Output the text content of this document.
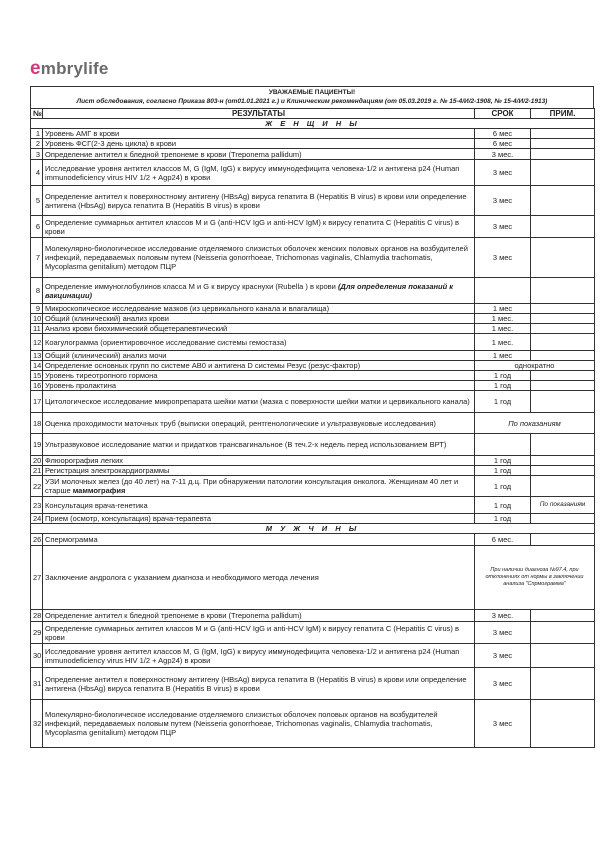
embrylife
УВАЖАЕМЫЕ ПАЦИЕНТЫ!
Лист обследования, согласно Приказа 803-н (от01.01.2021 г.) и Клиническим рекомендациям (от 05.03.2019 г. № 15-4/И/2-1908, № 15-4/И/2-1913)
№	РЕЗУЛЬТАТЫ	СРОК	ПРИМ.
Ж Е Н Щ И Н Ы			
1	Уровень АМГ в крови	6 мес	
2	Уровень ФСГ(2-3 день цикла) в крови	6 мес	
3	Определение антител к бледной трепонеме в крови (Treponema pallidum)	3 мес.	
4	Исследование уровня антител классов M, G (IgM, IgG) к вирусу иммунодефицита человека-1/2 и антигена p24 (Human immunodeficiency virus HIV 1/2 + Agp24) в крови	3 мес	
5	Определение антител к поверхностному антигену (HBsAg) вируса гепатита B (Hepatitis B virus) в крови или определение антигена (HbsAg) вируса гепатита B (Hepatitis B virus) в крови	3 мес	
6	Определение суммарных антител классов M и G (anti-HCV IgG и anti-HCV IgM) к вирусу гепатита C (Hepatitis C virus) в крови	3 мес	
7	Молекулярно-биологическое исследование отделяемого слизистых оболочек женских половых органов на возбудителей инфекций, передаваемых половым путем (Neisseria gonorrhoeae, Trichomonas vaginalis, Chlamydia trachomatis, Mycoplasma genitalium) методом ПЦР	3 мес	
8	Определение иммуноглобулинов класса M и G к вирусу краснухи (Rubella ) в крови (Для определения показаний к вакцинации)		
9	Микроскопическое исследование мазков (из цервикального канала и влагалища)	1 мес	
10	Общий (клинический) анализ крови	1 мес.	
11	Анализ крови биохимический общетерапевтический	1 мес.	
12	Коагулограмма (ориентировочное исследование системы гемостаза)	1 мес.	
13	Общий (клинический) анализ мочи	1 мес	
14	Определение основных групп по системе AB0 и антигена D системы Резус (резус-фактор)	однократно	
15	Уровень тиреотропного гормона	1 год	
16	Уровень пролактина	1 год	
17	Цитологическое исследование микропрепарата шейки матки (мазка с поверхности шейки матки и цервикального канала)	1 год	
18	Оценка проходимости маточных труб (выписки операций, рентгенологические и ультразвуковые исследования)	По показаниям	
19	Ультразвуковое исследование матки и придатков трансвагинальное (В теч.2-х недель перед использованием ВРТ)		
20	Флюорография легких	1 год	
21	Регистрация электрокардиограммы	1 год	
22	УЗИ молочных желез (до 40 лет) на 7-11 д.ц. При обнаружении патологии консультация онколога. Женщинам 40 лет и старше маммография	1 год	
23	Консультация врача-генетика	1 год	По показаниям
24	Прием (осмотр, консультация) врача-терапевта	1 год	
М У Ж Ч И Н Ы			
26	Спермограмма	6 мес.	
27	Заключение андролога с указанием диагноза и необходимого метода лечения	При наличии диагноза №97.4, при отклонениях от нормы в заключении анализа "Спрмограмма"	
28	Определение антител к бледной трепонеме в крови (Treponema pallidum)	3 мес.	
29	Определение суммарных антител классов M и G (anti-HCV IgG и anti-HCV IgM) к вирусу гепатита C (Hepatitis C virus) в крови	3 мес	
30	Исследование уровня антител классов M, G (IgM, IgG) к вирусу иммунодефицита человека-1/2 и антигена p24 (Human immunodeficiency virus HIV 1/2 + Agp24) в крови	3 мес	
31	Определение антител к поверхностному антигену (HBsAg) вируса гепатита B (Hepatitis B virus) в крови или определение антигена (HbsAg) вируса гепатита B (Hepatitis B virus) в крови	3 мес	
32	Молекулярно-биологическое исследование отделяемого слизистых оболочек половых органов на возбудителей инфекций, передаваемых половым путем (Neisseria gonorrhoeae, Trichomonas vaginalis, Chlamydia trachomatis, Mycoplasma genitalium) методом ПЦР	3 мес	
